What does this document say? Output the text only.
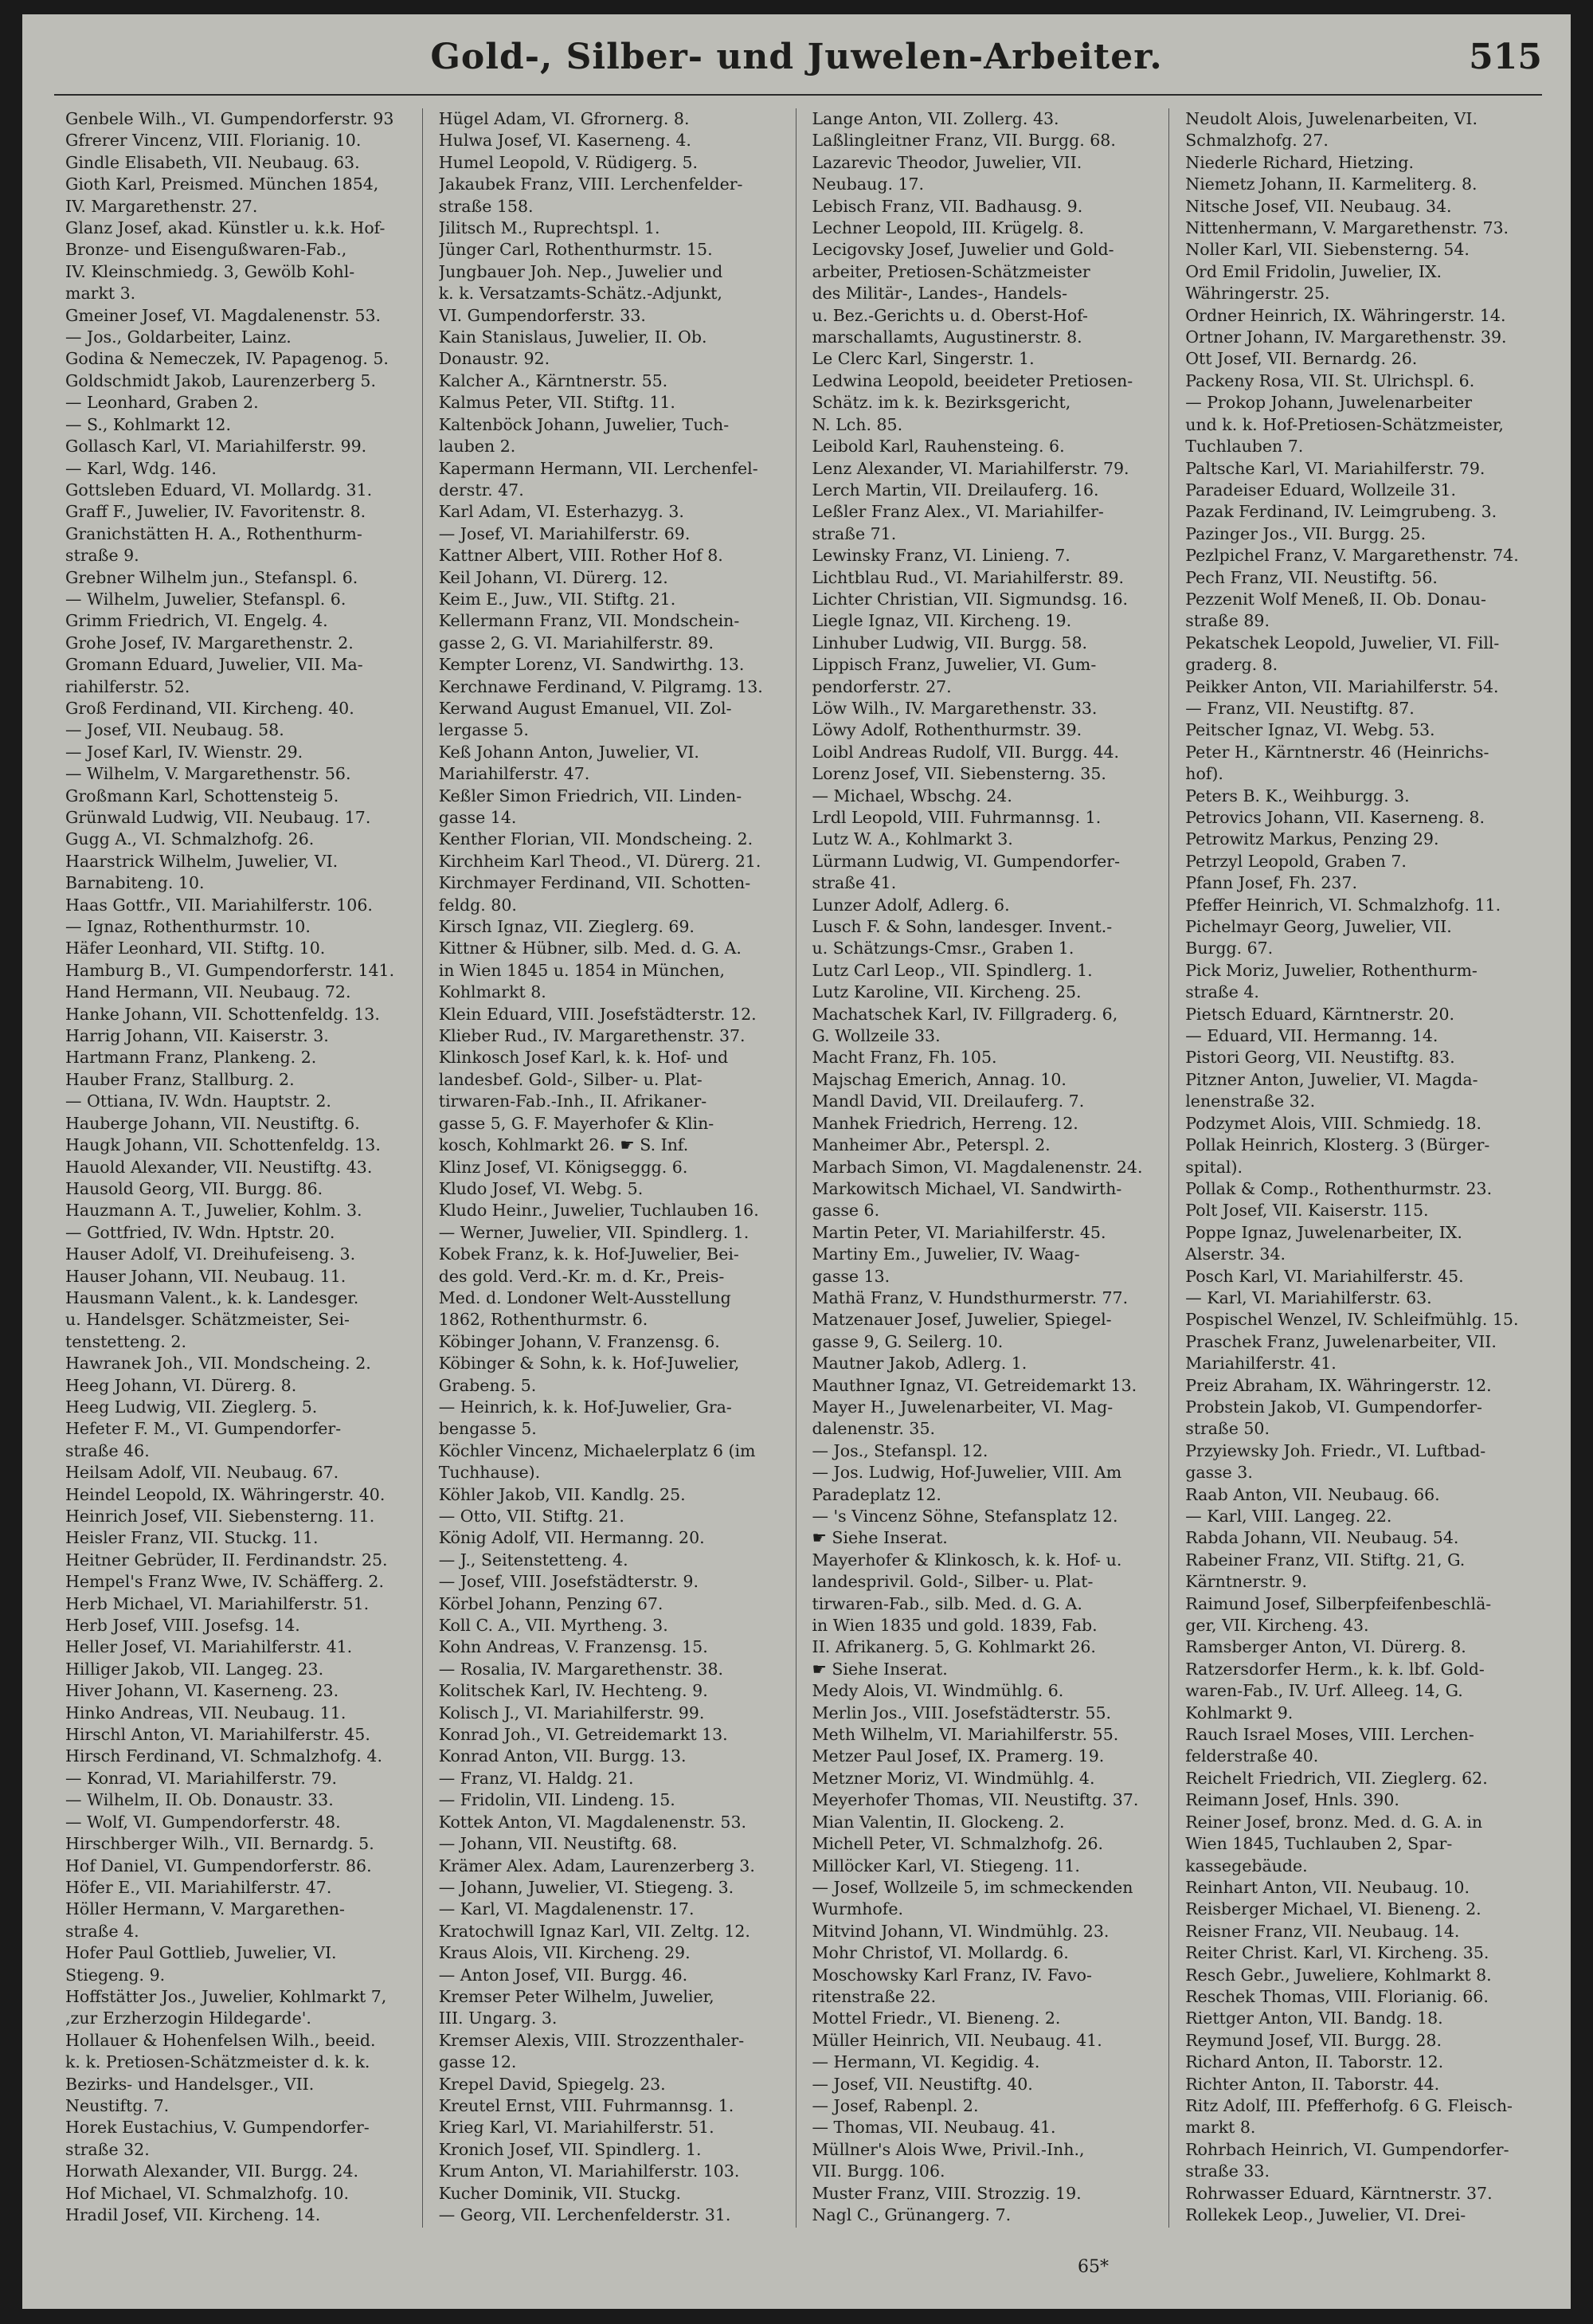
Gold-, Silber- und Juwelen-Arbeiter.	515

Genbele Wilh., VI. Gumpendorferstr. 93

Gfrerer Vincenz, VIII. Florianig. 10.

Gindle Elisabeth, VII. Neubaug. 63.

Gioth Karl, Preismed. München 1854,

IV. Margarethenstr. 27.

Glanz Josef, akad. Künstler u. k.k. Hof-

Bronze- und Eisengußwaren-Fab.,

IV. Kleinschmiedg. 3, Gewölb Kohl-

markt 3.

Gmeiner Josef, VI. Magdalenenstr. 53.

— Jos., Goldarbeiter, Lainz.

Godina & Nemeczek, IV. Papagenog. 5.

Goldschmidt Jakob, Laurenzerberg 5.

— Leonhard, Graben 2.

— S., Kohlmarkt 12.

Gollasch Karl, VI. Mariahilferstr. 99.

— Karl, Wdg. 146.

Gottsleben Eduard, VI. Mollardg. 31.

Graff F., Juwelier, IV. Favoritenstr. 8.

Granichstätten H. A., Rothenthurm-

straße 9.

Grebner Wilhelm jun., Stefanspl. 6.

— Wilhelm, Juwelier, Stefanspl. 6.

Grimm Friedrich, VI. Engelg. 4.

Grohe Josef, IV. Margarethenstr. 2.

Gromann Eduard, Juwelier, VII. Ma-

riahilferstr. 52.

Groß Ferdinand, VII. Kircheng. 40.

— Josef, VII. Neubaug. 58.

— Josef Karl, IV. Wienstr. 29.

— Wilhelm, V. Margarethenstr. 56.

Großmann Karl, Schottensteig 5.

Grünwald Ludwig, VII. Neubaug. 17.

Gugg A., VI. Schmalzhofg. 26.

Haarstrick Wilhelm, Juwelier, VI.

Barnabiteng. 10.

Haas Gottfr., VII. Mariahilferstr. 106.

— Ignaz, Rothenthurmstr. 10.

Häfer Leonhard, VII. Stiftg. 10.

Hamburg B., VI. Gumpendorferstr. 141.

Hand Hermann, VII. Neubaug. 72.

Hanke Johann, VII. Schottenfeldg. 13.

Harrig Johann, VII. Kaiserstr. 3.

Hartmann Franz, Plankeng. 2.

Hauber Franz, Stallburg. 2.

— Ottiana, IV. Wdn. Hauptstr. 2.

Hauberge Johann, VII. Neustiftg. 6.

Haugk Johann, VII. Schottenfeldg. 13.

Hauold Alexander, VII. Neustiftg. 43.

Hausold Georg, VII. Burgg. 86.

Hauzmann A. T., Juwelier, Kohlm. 3.

— Gottfried, IV. Wdn. Hptstr. 20.

Hauser Adolf, VI. Dreihufeiseng. 3.

Hauser Johann, VII. Neubaug. 11.

Hausmann Valent., k. k. Landesger.

u. Handelsger. Schätzmeister, Sei-

tenstetteng. 2.

Hawranek Joh., VII. Mondscheing. 2.

Heeg Johann, VI. Dürerg. 8.

Heeg Ludwig, VII. Zieglerg. 5.

Hefeter F. M., VI. Gumpendorfer-

straße 46.

Heilsam Adolf, VII. Neubaug. 67.

Heindel Leopold, IX. Währingerstr. 40.

Heinrich Josef, VII. Siebensterng. 11.

Heisler Franz, VII. Stuckg. 11.

Heitner Gebrüder, II. Ferdinandstr. 25.

Hempel's Franz Wwe, IV. Schäfferg. 2.

Herb Michael, VI. Mariahilferstr. 51.

Herb Josef, VIII. Josefsg. 14.

Heller Josef, VI. Mariahilferstr. 41.

Hilliger Jakob, VII. Langeg. 23.

Hiver Johann, VI. Kaserneng. 23.

Hinko Andreas, VII. Neubaug. 11.

Hirschl Anton, VI. Mariahilferstr. 45.

Hirsch Ferdinand, VI. Schmalzhofg. 4.

— Konrad, VI. Mariahilferstr. 79.

— Wilhelm, II. Ob. Donaustr. 33.

— Wolf, VI. Gumpendorferstr. 48.

Hirschberger Wilh., VII. Bernardg. 5.

Hof Daniel, VI. Gumpendorferstr. 86.

Höfer E., VII. Mariahilferstr. 47.

Höller Hermann, V. Margarethen-

straße 4.

Hofer Paul Gottlieb, Juwelier, VI.

Stiegeng. 9.

Hoffstätter Jos., Juwelier, Kohlmarkt 7,

‚zur Erzherzogin Hildegarde'.

Hollauer & Hohenfelsen Wilh., beeid.

k. k. Pretiosen-Schätzmeister d. k. k.

Bezirks- und Handelsger., VII.

Neustiftg. 7.

Horek Eustachius, V. Gumpendorfer-

straße 32.

Horwath Alexander, VII. Burgg. 24.

Hof Michael, VI. Schmalzhofg. 10.

Hradil Josef, VII. Kircheng. 14.

Hügel Adam, VI. Gfrornerg. 8.

Hulwa Josef, VI. Kaserneng. 4.

Humel Leopold, V. Rüdigerg. 5.

Jakaubek Franz, VIII. Lerchenfelder-

straße 158.

Jilitsch M., Ruprechtspl. 1.

Jünger Carl, Rothenthurmstr. 15.

Jungbauer Joh. Nep., Juwelier und

k. k. Versatzamts-Schätz.-Adjunkt,

VI. Gumpendorferstr. 33.

Kain Stanislaus, Juwelier, II. Ob.

Donaustr. 92.

Kalcher A., Kärntnerstr. 55.

Kalmus Peter, VII. Stiftg. 11.

Kaltenböck Johann, Juwelier, Tuch-

lauben 2.

Kapermann Hermann, VII. Lerchenfel-

derstr. 47.

Karl Adam, VI. Esterhazyg. 3.

— Josef, VI. Mariahilferstr. 69.

Kattner Albert, VIII. Rother Hof 8.

Keil Johann, VI. Dürerg. 12.

Keim E., Juw., VII. Stiftg. 21.

Kellermann Franz, VII. Mondschein-

gasse 2, G. VI. Mariahilferstr. 89.

Kempter Lorenz, VI. Sandwirthg. 13.

Kerchnawe Ferdinand, V. Pilgramg. 13.

Kerwand August Emanuel, VII. Zol-

lergasse 5.

Keß Johann Anton, Juwelier, VI.

Mariahilferstr. 47.

Keßler Simon Friedrich, VII. Linden-

gasse 14.

Kenther Florian, VII. Mondscheing. 2.

Kirchheim Karl Theod., VI. Dürerg. 21.

Kirchmayer Ferdinand, VII. Schotten-

feldg. 80.

Kirsch Ignaz, VII. Zieglerg. 69.

Kittner & Hübner, silb. Med. d. G. A.

in Wien 1845 u. 1854 in München,

Kohlmarkt 8.

Klein Eduard, VIII. Josefstädterstr. 12.

Klieber Rud., IV. Margarethenstr. 37.

Klinkosch Josef Karl, k. k. Hof- und

landesbef. Gold-, Silber- u. Plat-

tirwaren-Fab.-Inh., II. Afrikaner-

gasse 5, G. F. Mayerhofer & Klin-

kosch, Kohlmarkt 26. ☛ S. Inf.

Klinz Josef, VI. Königseggg. 6.

Kludo Josef, VI. Webg. 5.

Kludo Heinr., Juwelier, Tuchlauben 16.

— Werner, Juwelier, VII. Spindlerg. 1.

Kobek Franz, k. k. Hof-Juwelier, Bei-

des gold. Verd.-Kr. m. d. Kr., Preis-

Med. d. Londoner Welt-Ausstellung

1862, Rothenthurmstr. 6.

Köbinger Johann, V. Franzensg. 6.

Köbinger & Sohn, k. k. Hof-Juwelier,

Grabeng. 5.

— Heinrich, k. k. Hof-Juwelier, Gra-

bengasse 5.

Köchler Vincenz, Michaelerplatz 6 (im

Tuchhause).

Köhler Jakob, VII. Kandlg. 25.

— Otto, VII. Stiftg. 21.

König Adolf, VII. Hermanng. 20.

— J., Seitenstetteng. 4.

— Josef, VIII. Josefstädterstr. 9.

Körbel Johann, Penzing 67.

Koll C. A., VII. Myrtheng. 3.

Kohn Andreas, V. Franzensg. 15.

— Rosalia, IV. Margarethenstr. 38.

Kolitschek Karl, IV. Hechteng. 9.

Kolisch J., VI. Mariahilferstr. 99.

Konrad Joh., VI. Getreidemarkt 13.

Konrad Anton, VII. Burgg. 13.

— Franz, VI. Haldg. 21.

— Fridolin, VII. Lindeng. 15.

Kottek Anton, VI. Magdalenenstr. 53.

— Johann, VII. Neustiftg. 68.

Krämer Alex. Adam, Laurenzerberg 3.

— Johann, Juwelier, VI. Stiegeng. 3.

— Karl, VI. Magdalenenstr. 17.

Kratochwill Ignaz Karl, VII. Zeltg. 12.

Kraus Alois, VII. Kircheng. 29.

— Anton Josef, VII. Burgg. 46.

Kremser Peter Wilhelm, Juwelier,

III. Ungarg. 3.

Kremser Alexis, VIII. Strozzenthaler-

gasse 12.

Krepel David, Spiegelg. 23.

Kreutel Ernst, VIII. Fuhrmannsg. 1.

Krieg Karl, VI. Mariahilferstr. 51.

Kronich Josef, VII. Spindlerg. 1.

Krum Anton, VI. Mariahilferstr. 103.

Kucher Dominik, VII. Stuckg.

— Georg, VII. Lerchenfelderstr. 31.

Lange Anton, VII. Zollerg. 43.

Laßlingleitner Franz, VII. Burgg. 68.

Lazarevic Theodor, Juwelier, VII.

Neubaug. 17.

Lebisch Franz, VII. Badhausg. 9.

Lechner Leopold, III. Krügelg. 8.

Lecigovsky Josef, Juwelier und Gold-

arbeiter, Pretiosen-Schätzmeister

des Militär-, Landes-, Handels-

u. Bez.-Gerichts u. d. Oberst-Hof-

marschallamts, Augustinerstr. 8.

Le Clerc Karl, Singerstr. 1.

Ledwina Leopold, beeideter Pretiosen-

Schätz. im k. k. Bezirksgericht,

N. Lch. 85.

Leibold Karl, Rauhensteing. 6.

Lenz Alexander, VI. Mariahilferstr. 79.

Lerch Martin, VII. Dreilauferg. 16.

Leßler Franz Alex., VI. Mariahilfer-

straße 71.

Lewinsky Franz, VI. Linieng. 7.

Lichtblau Rud., VI. Mariahilferstr. 89.

Lichter Christian, VII. Sigmundsg. 16.

Liegle Ignaz, VII. Kircheng. 19.

Linhuber Ludwig, VII. Burgg. 58.

Lippisch Franz, Juwelier, VI. Gum-

pendorferstr. 27.

Löw Wilh., IV. Margarethenstr. 33.

Löwy Adolf, Rothenthurmstr. 39.

Loibl Andreas Rudolf, VII. Burgg. 44.

Lorenz Josef, VII. Siebensterng. 35.

— Michael, Wbschg. 24.

Lrdl Leopold, VIII. Fuhrmannsg. 1.

Lutz W. A., Kohlmarkt 3.

Lürmann Ludwig, VI. Gumpendorfer-

straße 41.

Lunzer Adolf, Adlerg. 6.

Lusch F. & Sohn, landesger. Invent.-

u. Schätzungs-Cmsr., Graben 1.

Lutz Carl Leop., VII. Spindlerg. 1.

Lutz Karoline, VII. Kircheng. 25.

Machatschek Karl, IV. Fillgraderg. 6,

G. Wollzeile 33.

Macht Franz, Fh. 105.

Majschag Emerich, Annag. 10.

Mandl David, VII. Dreilauferg. 7.

Manhek Friedrich, Herreng. 12.

Manheimer Abr., Peterspl. 2.

Marbach Simon, VI. Magdalenenstr. 24.

Markowitsch Michael, VI. Sandwirth-

gasse 6.

Martin Peter, VI. Mariahilferstr. 45.

Martiny Em., Juwelier, IV. Waag-

gasse 13.

Mathä Franz, V. Hundsthurmerstr. 77.

Matzenauer Josef, Juwelier, Spiegel-

gasse 9, G. Seilerg. 10.

Mautner Jakob, Adlerg. 1.

Mauthner Ignaz, VI. Getreidemarkt 13.

Mayer H., Juwelenarbeiter, VI. Mag-

dalenenstr. 35.

— Jos., Stefanspl. 12.

— Jos. Ludwig, Hof-Juwelier, VIII. Am

Paradeplatz 12.

— 's Vincenz Söhne, Stefansplatz 12.

☛ Siehe Inserat.

Mayerhofer & Klinkosch, k. k. Hof- u.

landesprivil. Gold-, Silber- u. Plat-

tirwaren-Fab., silb. Med. d. G. A.

in Wien 1835 und gold. 1839, Fab.

II. Afrikanerg. 5, G. Kohlmarkt 26.

☛ Siehe Inserat.

Medy Alois, VI. Windmühlg. 6.

Merlin Jos., VIII. Josefstädterstr. 55.

Meth Wilhelm, VI. Mariahilferstr. 55.

Metzer Paul Josef, IX. Pramerg. 19.

Metzner Moriz, VI. Windmühlg. 4.

Meyerhofer Thomas, VII. Neustiftg. 37.

Mian Valentin, II. Glockeng. 2.

Michell Peter, VI. Schmalzhofg. 26.

Millöcker Karl, VI. Stiegeng. 11.

— Josef, Wollzeile 5, im schmeckenden

Wurmhofe.

Mitvind Johann, VI. Windmühlg. 23.

Mohr Christof, VI. Mollardg. 6.

Moschowsky Karl Franz, IV. Favo-

ritenstraße 22.

Mottel Friedr., VI. Bieneng. 2.

Müller Heinrich, VII. Neubaug. 41.

— Hermann, VI. Kegidig. 4.

— Josef, VII. Neustiftg. 40.

— Josef, Rabenpl. 2.

— Thomas, VII. Neubaug. 41.

Müllner's Alois Wwe, Privil.-Inh.,

VII. Burgg. 106.

Muster Franz, VIII. Strozzig. 19.

Nagl C., Grünangerg. 7.

Neudolt Alois, Juwelenarbeiten, VI.

Schmalzhofg. 27.

Niederle Richard, Hietzing.

Niemetz Johann, II. Karmeliterg. 8.

Nitsche Josef, VII. Neubaug. 34.

Nittenhermann, V. Margarethenstr. 73.

Noller Karl, VII. Siebensterng. 54.

Ord Emil Fridolin, Juwelier, IX.

Währingerstr. 25.

Ordner Heinrich, IX. Währingerstr. 14.

Ortner Johann, IV. Margarethenstr. 39.

Ott Josef, VII. Bernardg. 26.

Packeny Rosa, VII. St. Ulrichspl. 6.

— Prokop Johann, Juwelenarbeiter

und k. k. Hof-Pretiosen-Schätzmeister,

Tuchlauben 7.

Paltsche Karl, VI. Mariahilferstr. 79.

Paradeiser Eduard, Wollzeile 31.

Pazak Ferdinand, IV. Leimgrubeng. 3.

Pazinger Jos., VII. Burgg. 25.

Pezlpichel Franz, V. Margarethenstr. 74.

Pech Franz, VII. Neustiftg. 56.

Pezzenit Wolf Meneß, II. Ob. Donau-

straße 89.

Pekatschek Leopold, Juwelier, VI. Fill-

graderg. 8.

Peikker Anton, VII. Mariahilferstr. 54.

— Franz, VII. Neustiftg. 87.

Peitscher Ignaz, VI. Webg. 53.

Peter H., Kärntnerstr. 46 (Heinrichs-

hof).

Peters B. K., Weihburgg. 3.

Petrovics Johann, VII. Kaserneng. 8.

Petrowitz Markus, Penzing 29.

Petrzyl Leopold, Graben 7.

Pfann Josef, Fh. 237.

Pfeffer Heinrich, VI. Schmalzhofg. 11.

Pichelmayr Georg, Juwelier, VII.

Burgg. 67.

Pick Moriz, Juwelier, Rothenthurm-

straße 4.

Pietsch Eduard, Kärntnerstr. 20.

— Eduard, VII. Hermanng. 14.

Pistori Georg, VII. Neustiftg. 83.

Pitzner Anton, Juwelier, VI. Magda-

lenenstraße 32.

Podzymet Alois, VIII. Schmiedg. 18.

Pollak Heinrich, Klosterg. 3 (Bürger-

spital).

Pollak & Comp., Rothenthurmstr. 23.

Polt Josef, VII. Kaiserstr. 115.

Poppe Ignaz, Juwelenarbeiter, IX.

Alserstr. 34.

Posch Karl, VI. Mariahilferstr. 45.

— Karl, VI. Mariahilferstr. 63.

Pospischel Wenzel, IV. Schleifmühlg. 15.

Praschek Franz, Juwelenarbeiter, VII.

Mariahilferstr. 41.

Preiz Abraham, IX. Währingerstr. 12.

Probstein Jakob, VI. Gumpendorfer-

straße 50.

Przyiewsky Joh. Friedr., VI. Luftbad-

gasse 3.

Raab Anton, VII. Neubaug. 66.

— Karl, VIII. Langeg. 22.

Rabda Johann, VII. Neubaug. 54.

Rabeiner Franz, VII. Stiftg. 21, G.

Kärntnerstr. 9.

Raimund Josef, Silberpfeifenbeschlä-

ger, VII. Kircheng. 43.

Ramsberger Anton, VI. Dürerg. 8.

Ratzersdorfer Herm., k. k. lbf. Gold-

waren-Fab., IV. Urf. Alleeg. 14, G.

Kohlmarkt 9.

Rauch Israel Moses, VIII. Lerchen-

felderstraße 40.

Reichelt Friedrich, VII. Zieglerg. 62.

Reimann Josef, Hnls. 390.

Reiner Josef, bronz. Med. d. G. A. in

Wien 1845, Tuchlauben 2, Spar-

kassegebäude.

Reinhart Anton, VII. Neubaug. 10.

Reisberger Michael, VI. Bieneng. 2.

Reisner Franz, VII. Neubaug. 14.

Reiter Christ. Karl, VI. Kircheng. 35.

Resch Gebr., Juweliere, Kohlmarkt 8.

Reschek Thomas, VIII. Florianig. 66.

Riettger Anton, VII. Bandg. 18.

Reymund Josef, VII. Burgg. 28.

Richard Anton, II. Taborstr. 12.

Richter Anton, II. Taborstr. 44.

Ritz Adolf, III. Pfefferhofg. 6 G. Fleisch-

markt 8.

Rohrbach Heinrich, VI. Gumpendorfer-

straße 33.

Rohrwasser Eduard, Kärntnerstr. 37.

Rollekek Leop., Juwelier, VI. Drei-

65*
